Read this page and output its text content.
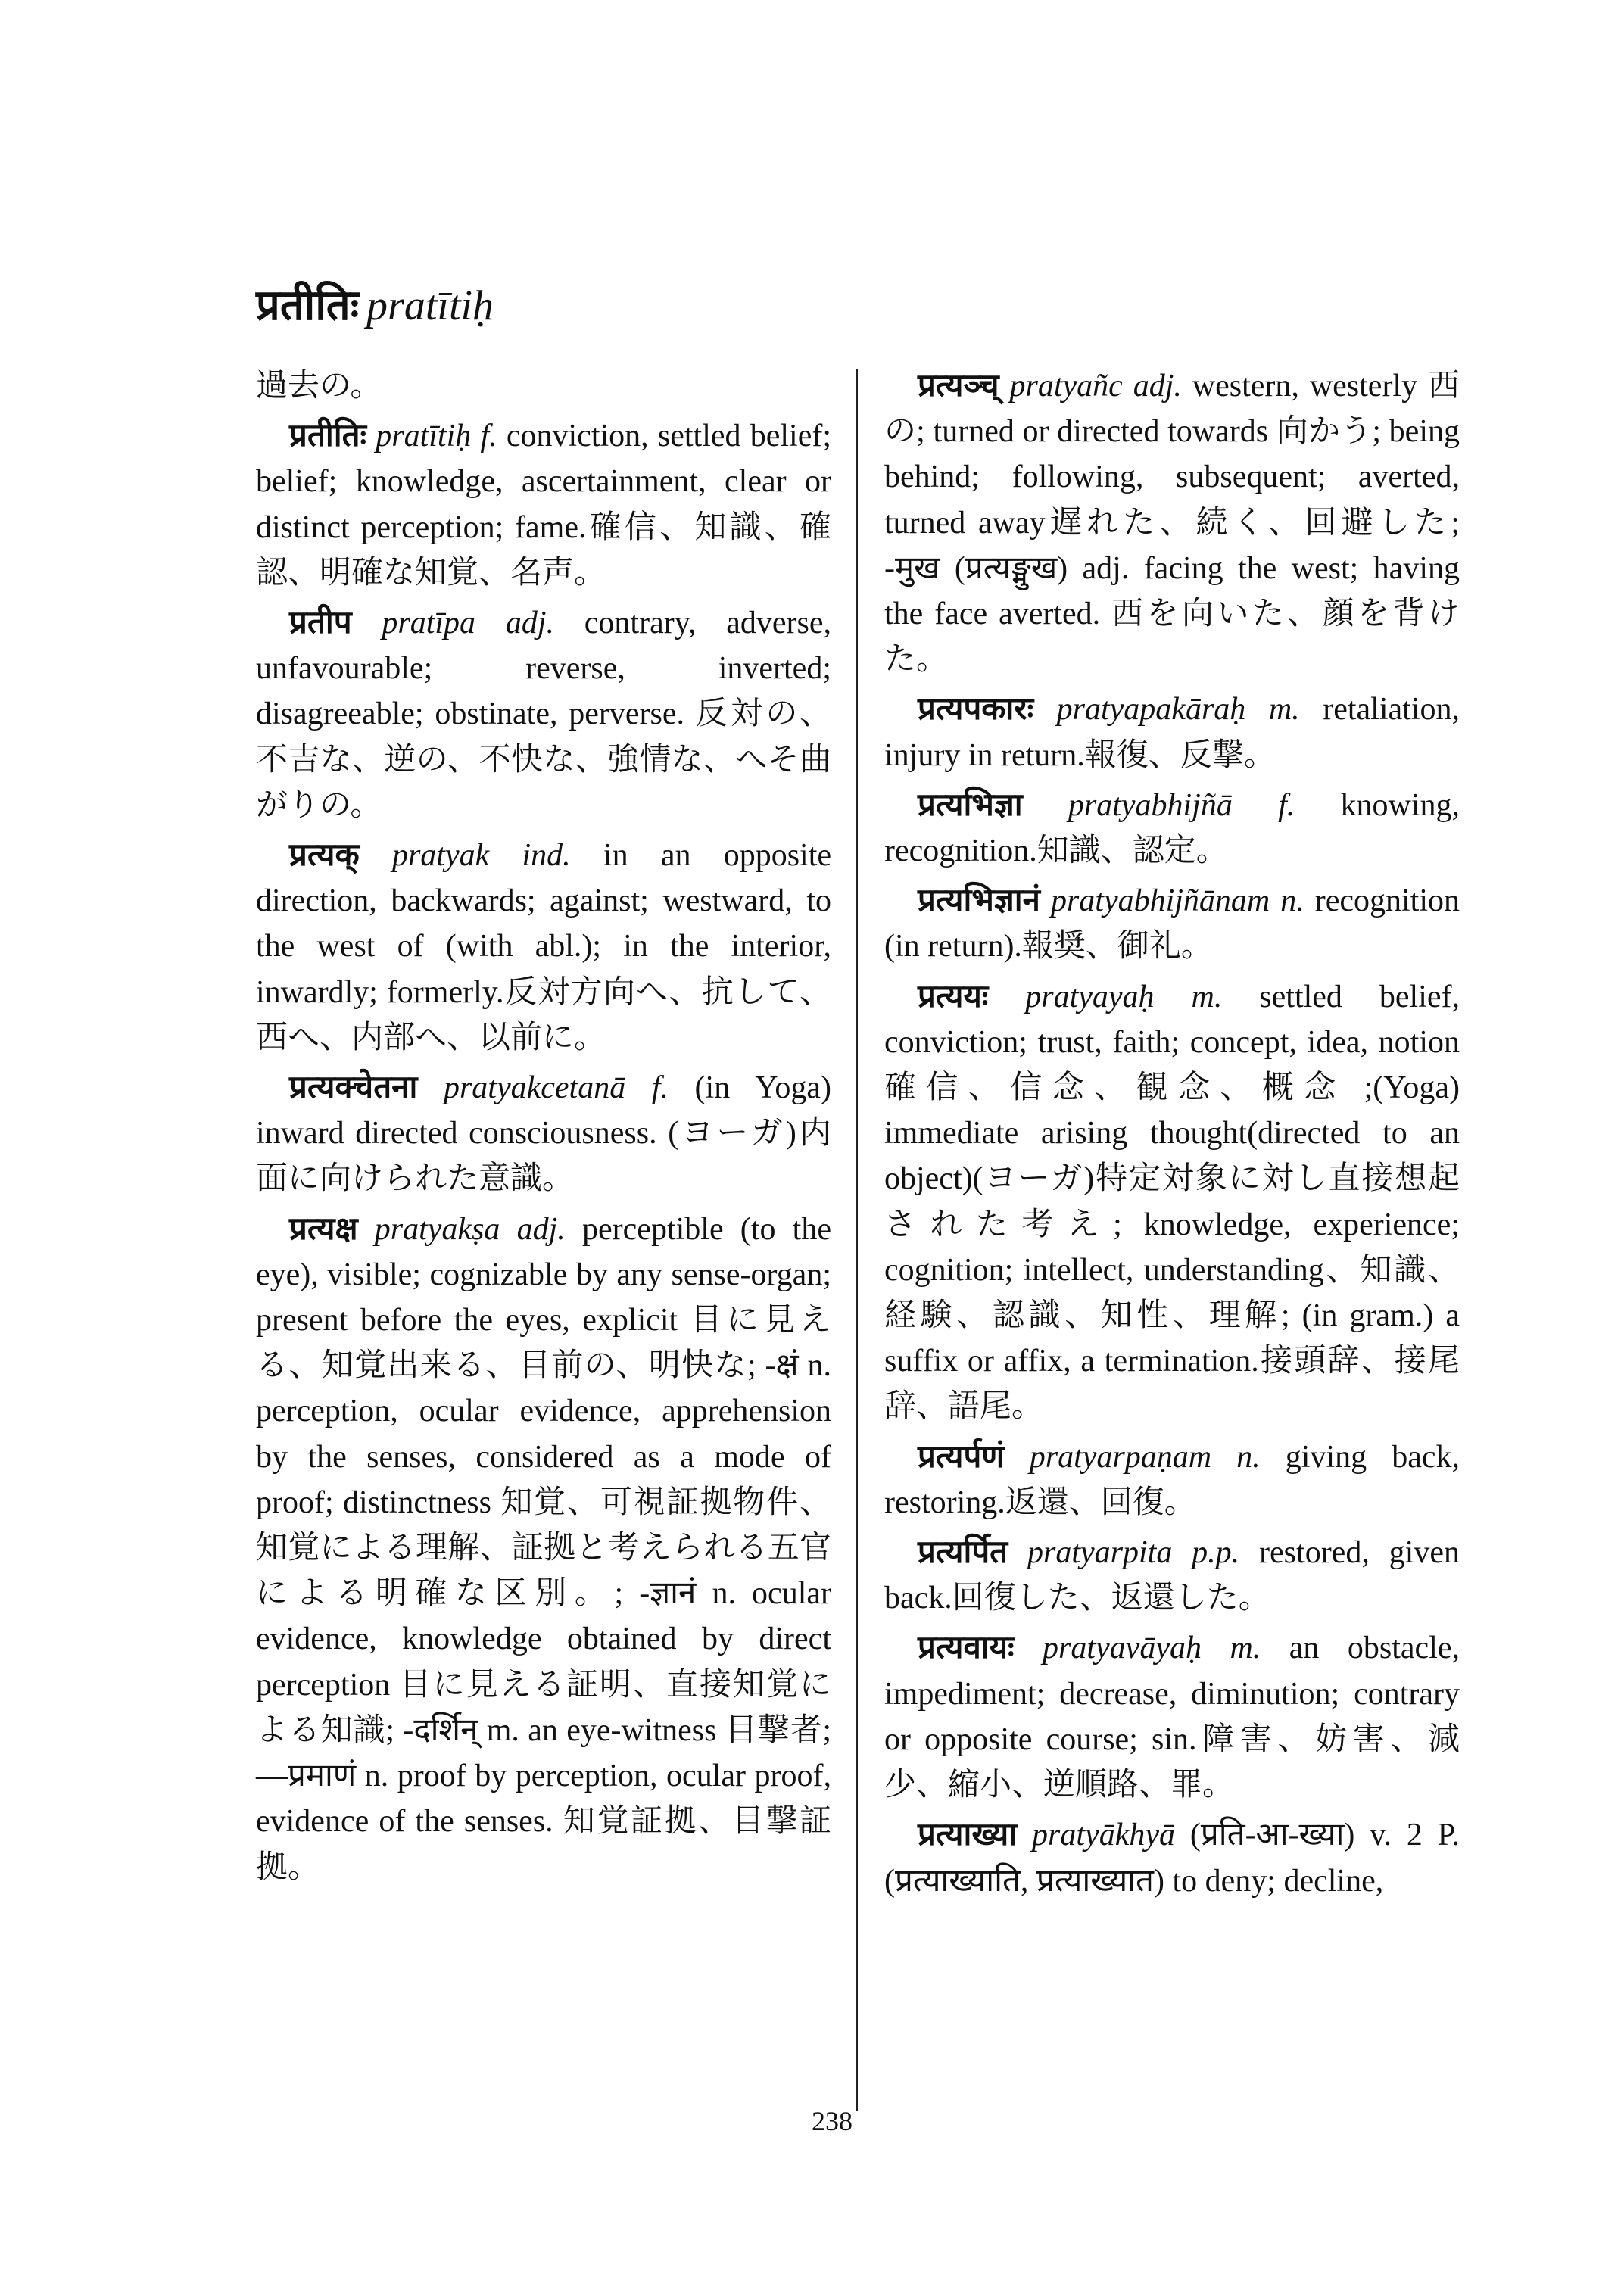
प्रतीतिः pratītiḥ

過去の。

प्रतीतिः pratītiḥ f. conviction, settled belief; belief; knowledge, ascertainment, clear or distinct perception; fame.確信、知識、確認、明確な知覚、名声。

प्रतीप pratīpa adj. contrary, adverse, unfavourable; reverse, inverted; disagreeable; obstinate, perverse. 反対の、不吉な、逆の、不快な、強情な、へそ曲がりの。

प्रत्यक् pratyak ind. in an opposite direction, backwards; against; westward, to the west of (with abl.); in the interior, inwardly; formerly.反対方向へ、抗して、西へ、内部へ、以前に。

प्रत्यक्चेतना pratyakcetanā f. (in Yoga) inward directed consciousness. (ヨーガ)内面に向けられた意識。

प्रत्यक्ष pratyakṣa adj. perceptible (to the eye), visible; cognizable by any sense-organ; present before the eyes, explicit 目に見える、知覚出来る、目前の、明快な; -क्षं n. perception, ocular evidence, apprehension by the senses, considered as a mode of proof; distinctness 知覚、可視証拠物件、知覚による理解、証拠と考えられる五官による明確な区別。; -ज्ञानं n. ocular evidence, knowledge obtained by direct perception 目に見える証明、直接知覚による知識; -दर्शिन् m. an eye-witness 目撃者; —प्रमाणं n. proof by perception, ocular proof, evidence of the senses. 知覚証拠、目撃証拠。

प्रत्यञ्च् pratyañc adj. western, westerly 西の; turned or directed towards 向かう; being behind; following, subsequent; averted, turned away遅れた、続く、回避した; -मुख (प्रत्यङ्मुख) adj. facing the west; having the face averted. 西を向いた、顔を背けた。

प्रत्यपकारः pratyapakāraḥ m. retaliation, injury in return.報復、反撃。

प्रत्यभिज्ञा pratyabhijñā f. knowing, recognition.知識、認定。

प्रत्यभिज्ञानं pratyabhijñānam n. recognition (in return).報奨、御礼。

प्रत्ययः pratyayaḥ m. settled belief, conviction; trust, faith; concept, idea, notion確信、信念、観念、概念 ;(Yoga) immediate arising thought(directed to an object)(ヨーガ)特定対象に対し直接想起された考え; knowledge, experience; cognition; intellect, understanding、知識、経験、認識、知性、理解; (in gram.) a suffix or affix, a termination.接頭辞、接尾辞、語尾。

प्रत्यर्पणं pratyarpaṇam n. giving back, restoring.返還、回復。

प्रत्यर्पित pratyarpita p.p. restored, given back.回復した、返還した。

प्रत्यवायः pratyavāyaḥ m. an obstacle, impediment; decrease, diminution; contrary or opposite course; sin.障害、妨害、減少、縮小、逆順路、罪。

प्रत्याख्या pratyākhyā (प्रति-आ-ख्या) v. 2 P. (प्रत्याख्याति, प्रत्याख्यात) to deny; decline,

238
